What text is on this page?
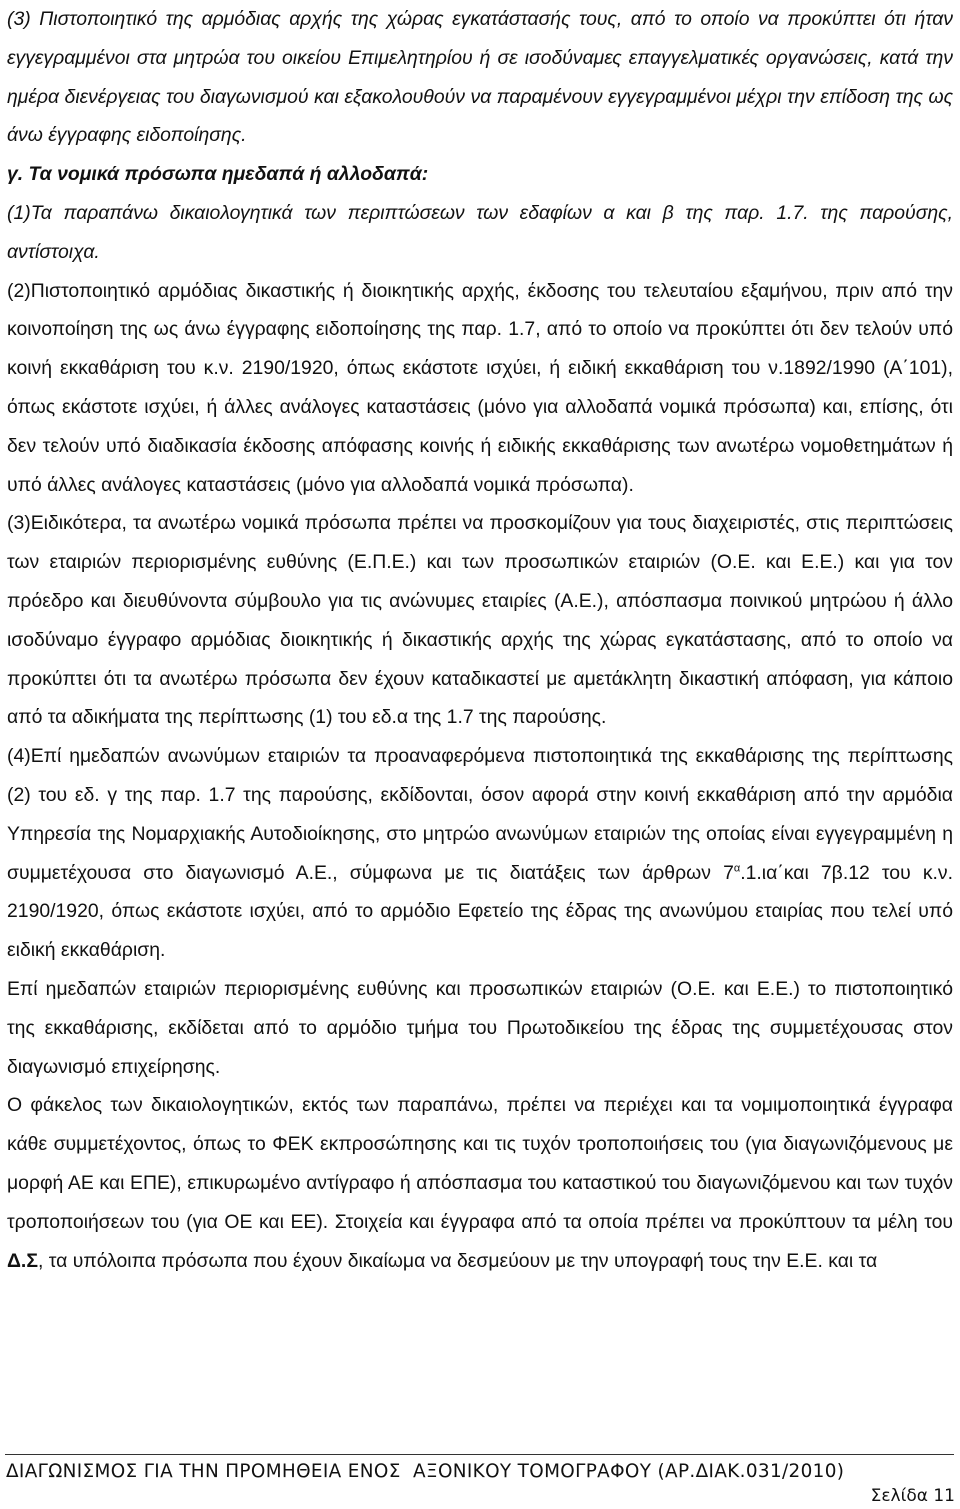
(3) Πιστοποιητικό της αρμόδιας αρχής της χώρας εγκατάστασής τους, από το οποίο να προκύπτει ότι ήταν εγγεγραμμένοι στα μητρώα του οικείου Επιμελητηρίου ή σε ισοδύναμες επαγγελματικές οργανώσεις, κατά την ημέρα διενέργειας του διαγωνισμού και εξακολουθούν να παραμένουν εγγεγραμμένοι μέχρι την επίδοση της ως άνω έγγραφης ειδοποίησης.

γ. Τα νομικά πρόσωπα ημεδαπά ή αλλοδαπά:

(1)Τα παραπάνω δικαιολογητικά των περιπτώσεων των εδαφίων α και β της παρ. 1.7. της παρούσης, αντίστοιχα.

(2)Πιστοποιητικό αρμόδιας δικαστικής ή διοικητικής αρχής, έκδοσης του τελευταίου εξαμήνου, πριν από την κοινοποίηση της ως άνω έγγραφης ειδοποίησης της παρ. 1.7, από το οποίο να προκύπτει ότι δεν τελούν υπό κοινή εκκαθάριση του κ.ν. 2190/1920, όπως εκάστοτε ισχύει, ή ειδική εκκαθάριση του ν.1892/1990 (Α΄101), όπως εκάστοτε ισχύει, ή άλλες ανάλογες καταστάσεις (μόνο για αλλοδαπά νομικά πρόσωπα) και, επίσης, ότι δεν τελούν υπό διαδικασία έκδοσης απόφασης κοινής ή ειδικής εκκαθάρισης των ανωτέρω νομοθετημάτων ή υπό άλλες ανάλογες καταστάσεις (μόνο για αλλοδαπά νομικά πρόσωπα).

(3)Ειδικότερα, τα ανωτέρω νομικά πρόσωπα πρέπει να προσκομίζουν για τους διαχειριστές, στις περιπτώσεις των εταιριών περιορισμένης ευθύνης (Ε.Π.Ε.) και των προσωπικών εταιριών (Ο.Ε. και Ε.Ε.) και για τον πρόεδρο και διευθύνοντα σύμβουλο για τις ανώνυμες εταιρίες (Α.Ε.), απόσπασμα ποινικού μητρώου ή άλλο ισοδύναμο έγγραφο αρμόδιας διοικητικής ή δικαστικής αρχής της χώρας εγκατάστασης, από το οποίο να προκύπτει ότι τα ανωτέρω πρόσωπα δεν έχουν καταδικαστεί με αμετάκλητη δικαστική απόφαση, για κάποιο από τα αδικήματα της περίπτωσης (1) του εδ.α της 1.7 της παρούσης.

(4)Επί ημεδαπών ανωνύμων εταιριών τα προαναφερόμενα πιστοποιητικά της εκκαθάρισης της περίπτωσης (2) του εδ. γ της παρ. 1.7 της παρούσης, εκδίδονται, όσον αφορά στην κοινή εκκαθάριση από την αρμόδια Υπηρεσία της Νομαρχιακής Αυτοδιοίκησης, στο μητρώο ανωνύμων εταιριών της οποίας είναι εγγεγραμμένη η συμμετέχουσα στο διαγωνισμό Α.Ε., σύμφωνα με τις διατάξεις των άρθρων $7^\alpha.1.\iota\alpha΄\kappa\alpha\iota$ 7β.12 του κ.ν. 2190/1920, όπως εκάστοτε ισχύει, από το αρμόδιο Εφετείο της έδρας της ανωνύμου εταιρίας που τελεί υπό ειδική εκκαθάριση.

Επί ημεδαπών εταιριών περιορισμένης ευθύνης και προσωπικών εταιριών (Ο.Ε. και Ε.Ε.) το πιστοποιητικό της εκκαθάρισης, εκδίδεται από το αρμόδιο τμήμα του Πρωτοδικείου της έδρας της συμμετέχουσας στον διαγωνισμό επιχείρησης.

Ο φάκελος των δικαιολογητικών, εκτός των παραπάνω, πρέπει να περιέχει και τα νομιμοποιητικά έγγραφα κάθε συμμετέχοντος, όπως το ΦΕΚ εκπροσώπησης και τις τυχόν τροποποιήσεις του (για διαγωνιζόμενους με μορφή ΑΕ και ΕΠΕ), επικυρωμένο αντίγραφο ή απόσπασμα του καταστικού του διαγωνιζόμενου και των τυχόν τροποποιήσεων του (για ΟΕ και ΕΕ). Στοιχεία και έγγραφα από τα οποία πρέπει να προκύπτουν τα μέλη του Δ.Σ, τα υπόλοιπα πρόσωπα που έχουν δικαίωμα να δεσμεύουν με την υπογραφή τους την Ε.Ε. και τα

ΔΙΑΓΩΝΙΣΜΟΣ ΓΙΑ ΤΗΝ ΠΡΟΜΗΘΕΙΑ ΕΝΟΣ  ΑΞΟΝΙΚΟΥ ΤΟΜΟΓΡΑΦΟΥ (ΑΡ.ΔΙΑΚ.031/2010)
Σελίδα 11
